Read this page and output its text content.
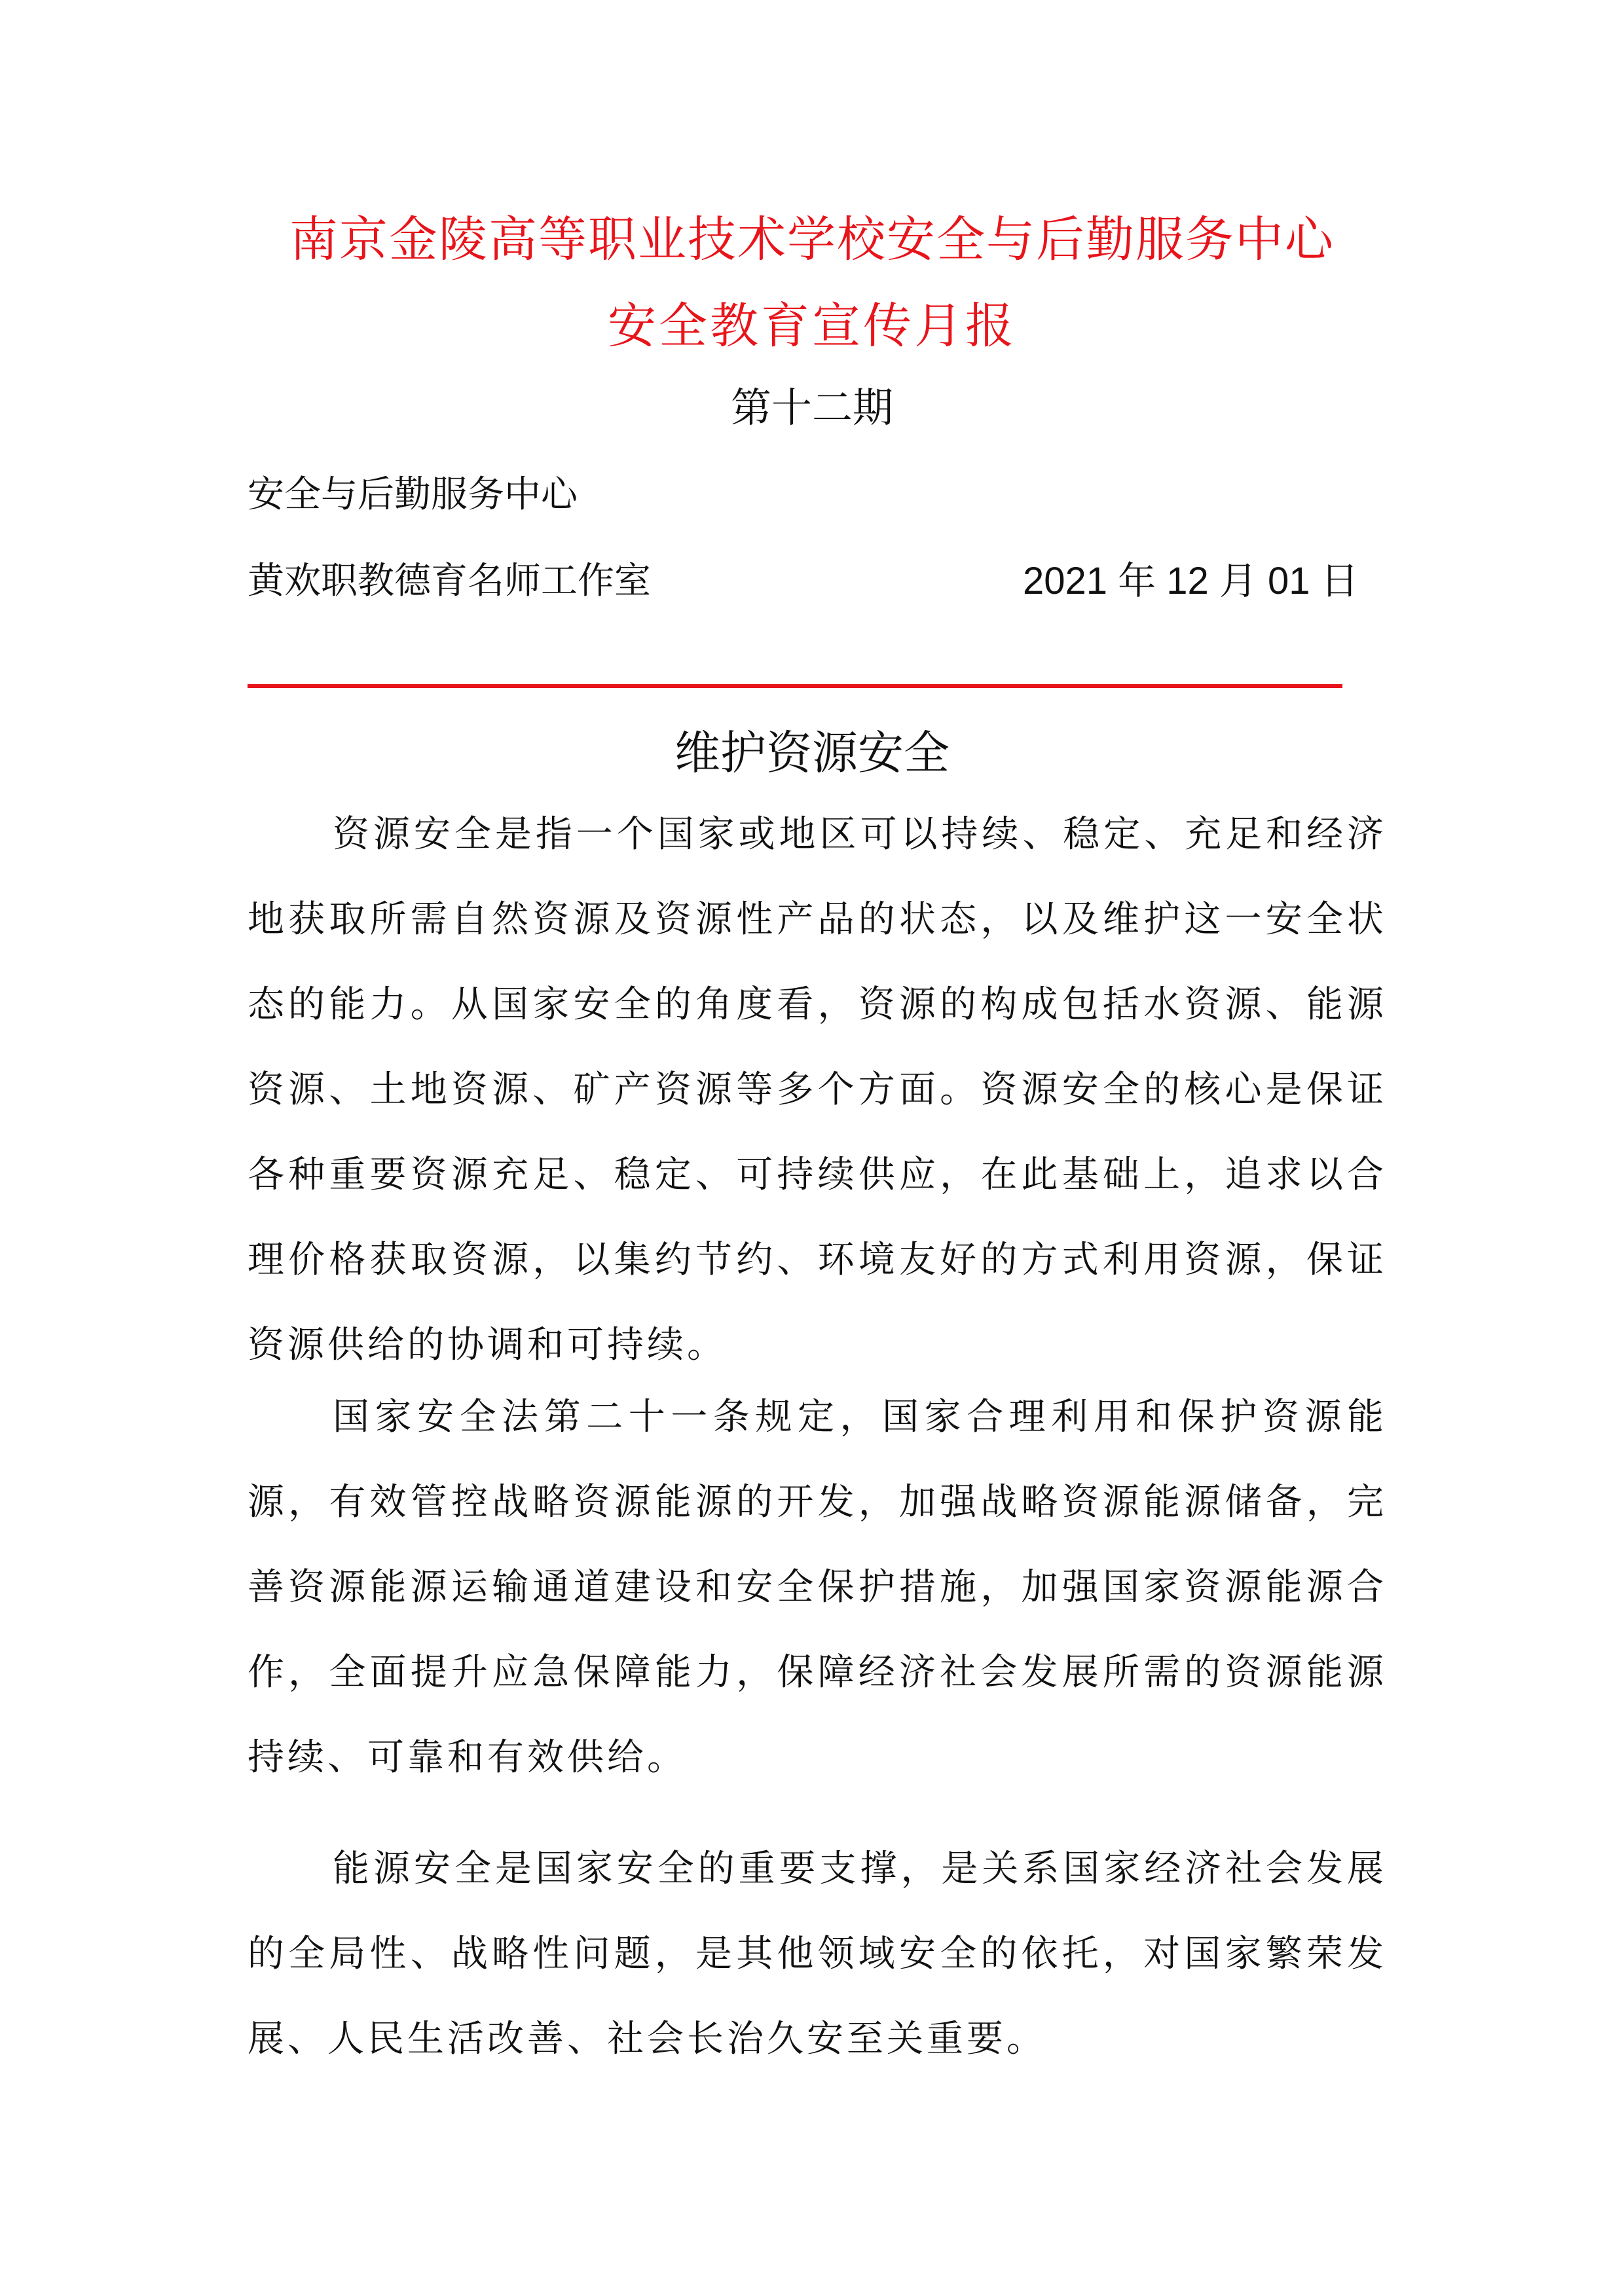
南京金陵高等职业技术学校安全与后勤服务中心
安全教育宣传月报
第十二期
安全与后勤服务中心
黄欢职教德育名师工作室	2021 年 12 月 01 日
维护资源安全

资源安全是指一个国家或地区可以持续、稳定、充足和经济地获取所需自然资源及资源性产品的状态，以及维护这一安全状态的能力。从国家安全的角度看，资源的构成包括水资源、能源资源、土地资源、矿产资源等多个方面。资源安全的核心是保证各种重要资源充足、稳定、可持续供应，在此基础上，追求以合理价格获取资源，以集约节约、环境友好的方式利用资源，保证资源供给的协调和可持续。

国家安全法第二十一条规定，国家合理利用和保护资源能源，有效管控战略资源能源的开发，加强战略资源能源储备，完善资源能源运输通道建设和安全保护措施，加强国家资源能源合作，全面提升应急保障能力，保障经济社会发展所需的资源能源持续、可靠和有效供给。

能源安全是国家安全的重要支撑，是关系国家经济社会发展的全局性、战略性问题，是其他领域安全的依托，对国家繁荣发展、人民生活改善、社会长治久安至关重要。
